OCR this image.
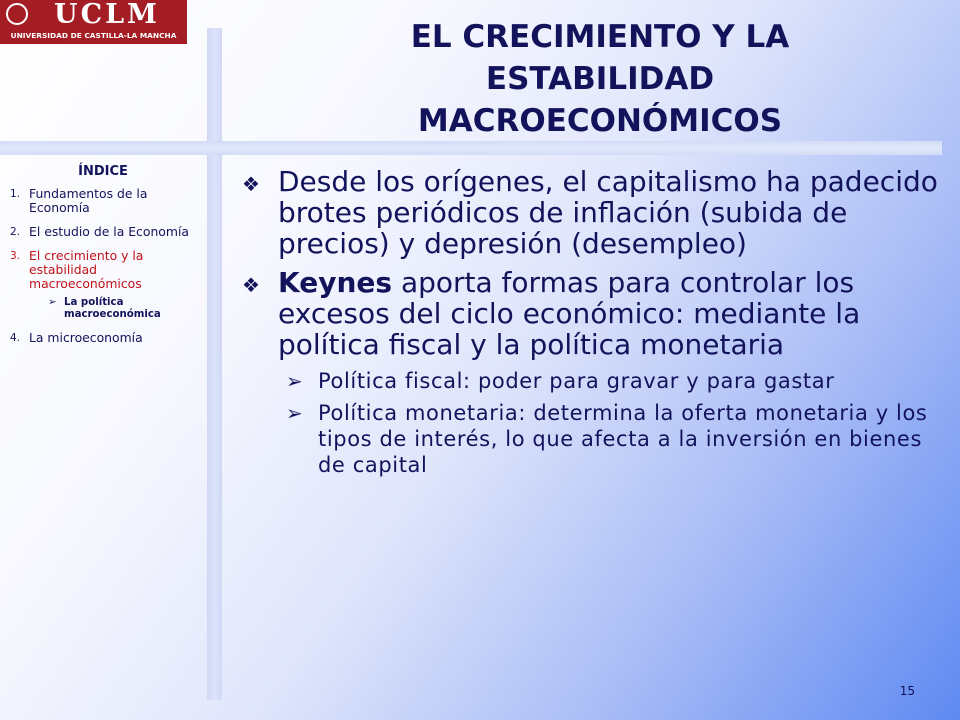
UCLM
UNIVERSIDAD DE CASTILLA-LA MANCHA	EL CRECIMIENTO Y LA ESTABILIDAD MACROECONÓMICOS
ÍNDICE
1. Fundamentos de la Economía
2. El estudio de la Economía
3. El crecimiento y la estabilidad macroeconómicos
➢ La política macroeconómica
4. La microeconomía

❖ Desde los orígenes, el capitalismo ha padecido brotes periódicos de inflación (subida de precios) y depresión (desempleo)

❖ Keynes aporta formas para controlar los excesos del ciclo económico: mediante la política fiscal y la política monetaria

➢ Política fiscal: poder para gravar y para gastar

➢ Política monetaria: determina la oferta monetaria y los tipos de interés, lo que afecta a la inversión en bienes de capital

15
